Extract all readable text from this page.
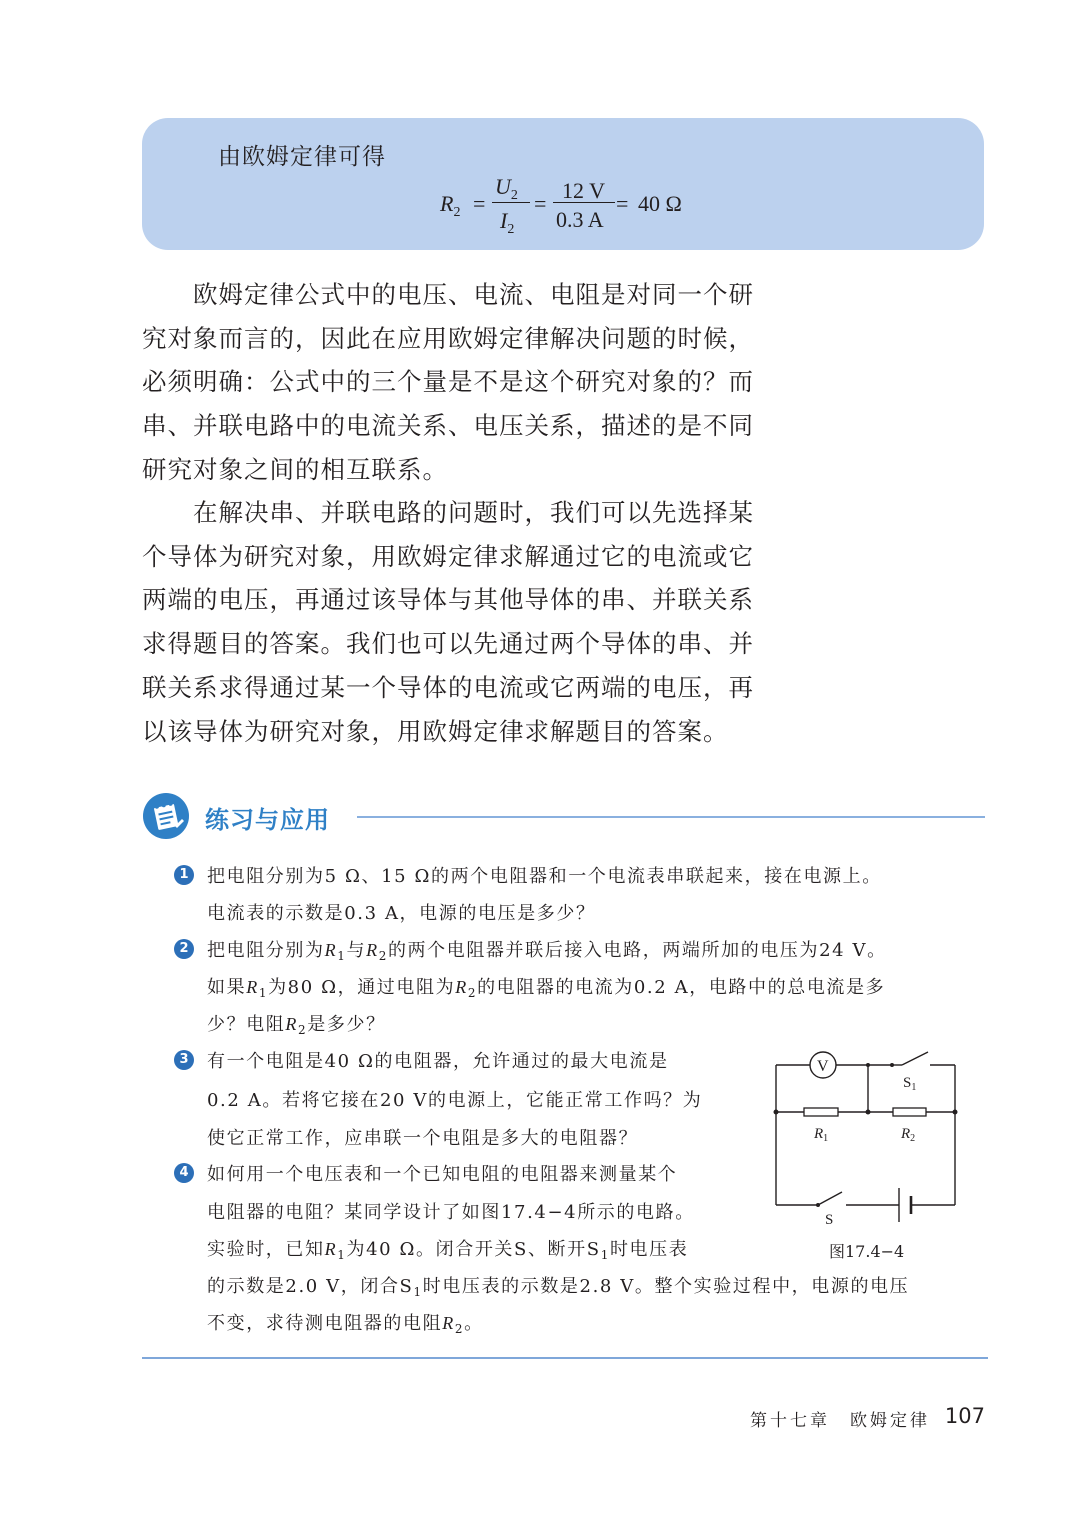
由欧姆定律可得
$R_2$ =
$U_2$
$I_2$
=
12 V
0.3 A
= 40 Ω

　　欧姆定律公式中的电压、电流、电阻是对同一个研

究对象而言的，因此在应用欧姆定律解决问题的时候，

必须明确：公式中的三个量是不是这个研究对象的？而

串、并联电路中的电流关系、电压关系，描述的是不同

研究对象之间的相互联系。

　　在解决串、并联电路的问题时，我们可以先选择某

个导体为研究对象，用欧姆定律求解通过它的电流或它

两端的电压，再通过该导体与其他导体的串、并联关系

求得题目的答案。我们也可以先通过两个导体的串、并

联关系求得通过某一个导体的电流或它两端的电压，再

以该导体为研究对象，用欧姆定律求解题目的答案。

练习与应用
1	把电阻分别为5 Ω、15 Ω的两个电阻器和一个电流表串联起来，接在电源上。
电流表的示数是0.3 A，电源的电压是多少？
2	把电阻分别为$R_1$与$R_2$的两个电阻器并联后接入电路，两端所加的电压为24 V。
如果$R_1$为80 Ω，通过电阻为$R_2$的电阻器的电流为0.2 A，电路中的总电流是多
少？电阻$R_2$是多少？
3	有一个电阻是40 Ω的电阻器，允许通过的最大电流是
0.2 A。若将它接在20 V的电源上，它能正常工作吗？为
使它正常工作，应串联一个电阻是多大的电阻器？
4	如何用一个电压表和一个已知电阻的电阻器来测量某个
电阻器的电阻？某同学设计了如图17.4−4所示的电路。
实验时，已知$R_1$为40 Ω。闭合开关S、断开$S_1$时电压表
的示数是2.0 V，闭合$S_1$时电压表的示数是2.8 V。整个实验过程中，电源的电压
不变，求待测电阻器的电阻$R_2$。
V
$S_1$
$R_1$	$R_2$
S
图17.4−4
第十七章　欧姆定律 107
